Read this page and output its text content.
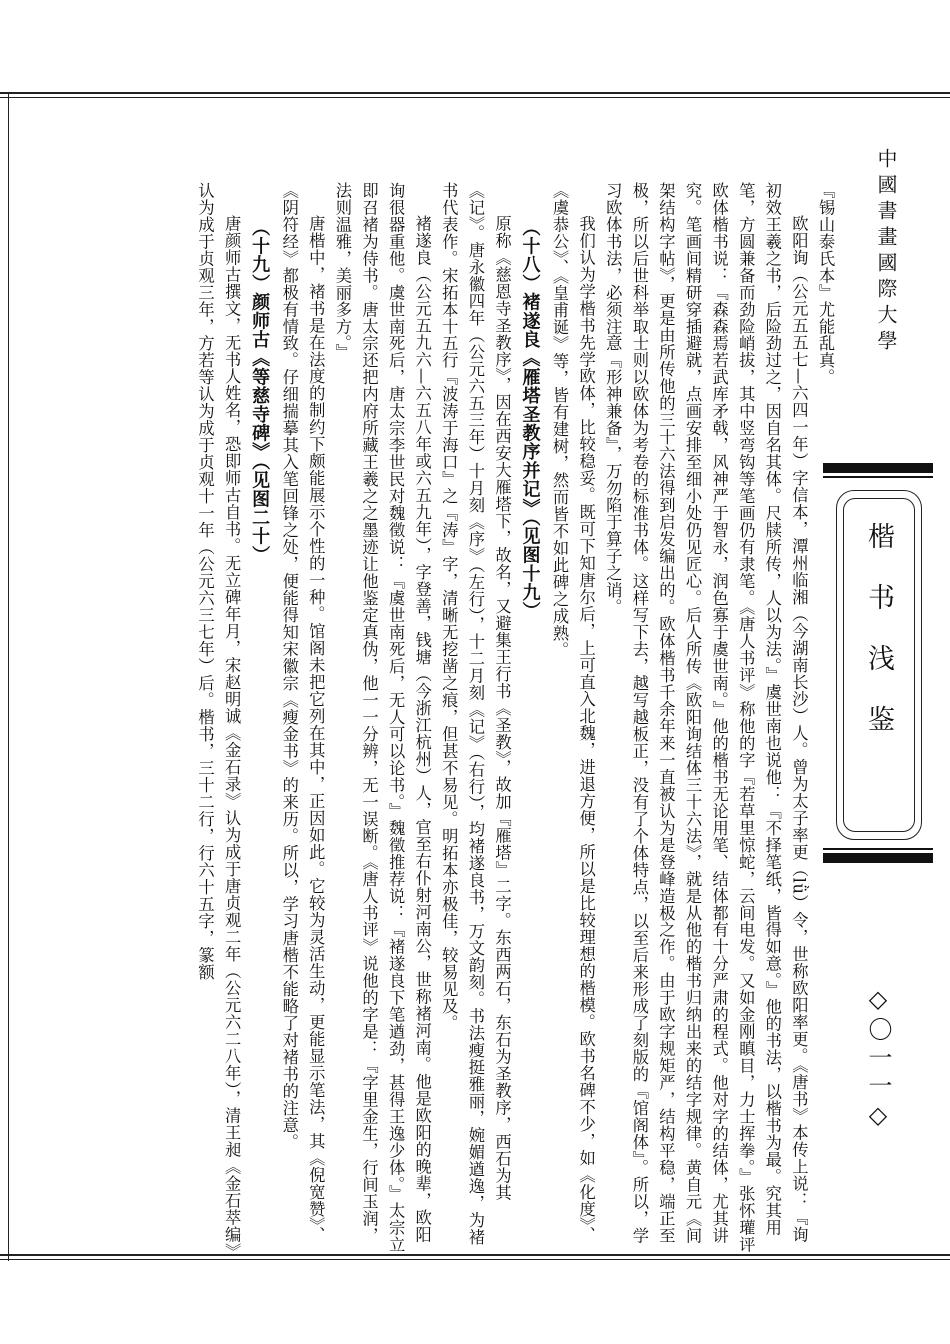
中國書畫國際大學
楷书浅鉴
◇〇一一◇

『锡山泰氏本』尤能乱真。

欧阳询（公元五五七—六四一年）字信本，潭州临湘（今湖南长沙）人。曾为太子率更（lǜ）令，世称欧阳率更。《唐书》本传上说：『询初效王羲之书，后险劲过之，因自名其体。尺牍所传，人以为法。』虞世南也说他：『不择笔纸，皆得如意。』他的书法，以楷书为最。究其用笔，方圆兼备而劲险峭拔，其中竖弯钩等笔画仍有隶笔。《唐人书评》称他的字『若草里惊蛇，云间电发。又如金刚瞋目，力士挥拳。』张怀瓘评欧体楷书说：『森森焉若武库矛戟，风神严于智永，润色寡于虞世南。』他的楷书无论用笔、结体都有十分严肃的程式。他对字的结体，尤其讲究。笔画间精研穿插避就，点画安排至细小处仍见匠心。后人所传《欧阳询结体三十六法》，就是从他的楷书归纳出来的结字规律。黄自元《间架结构字帖》，更是由所传他的三十六法得到启发编出的。欧体楷书千余年来一直被认为是登峰造极之作。由于欧字规矩严，结构平稳，端正至极，所以后世科举取士则以欧体为考卷的标准书体。这样写下去，越写越板正，没有了个体特点，以至后来形成了刻版的『馆阁体』。所以，学习欧体书法，必须注意『形神兼备』，万勿陷于算子之诮。

我们认为学楷书先学欧体，比较稳妥。既可下知唐尔后，上可直入北魏，进退方便，所以是比较理想的楷模。欧书名碑不少，如《化度》、《虞恭公》、《皇甫诞》等，皆有建树，然而皆不如此碑之成熟。

（十八）褚遂良《雁塔圣教序并记》（见图十九）

原称《慈恩寺圣教序》，因在西安大雁塔下，故名，又避集王行书《圣教》，故加『雁塔』二字。东西两石，东石为圣教序，西石为其《记》。唐永徽四年（公元六五三年）十月刻《序》（左行），十二月刻《记》（右行），均褚遂良书，万文韵刻。书法瘦挺雅丽，婉媚遒逸，为褚书代表作。宋拓本十五行『波涛于海口』之『涛』字，清晰无挖凿之痕，但甚不易见。明拓本亦极佳，较易见及。

褚遂良（公元五九六—六五八年或六五九年），字登善，钱塘（今浙江杭州）人，官至右仆射河南公，世称褚河南。他是欧阳的晚辈，欧阳询很器重他。虞世南死后，唐太宗李世民对魏徵说：『虞世南死后，无人可以论书。』魏徵推荐说：『褚遂良下笔遒劲，甚得王逸少体。』太宗立即召褚为侍书。唐太宗还把内府所藏王羲之之墨迹让他鉴定真伪，他一一分辨，无一误断。《唐人书评》说他的字是：『字里金生，行间玉润，法则温雅，美丽多方。』

唐楷中，褚书是在法度的制约下颇能展示个性的一种。馆阁未把它列在其中，正因如此。它较为灵活生动，更能显示笔法，其《倪宽赞》、《阴符经》都极有情致。仔细揣摹其入笔回锋之处，便能得知宋徽宗《瘦金书》的来历。所以，学习唐楷不能略了对褚书的注意。

（十九）颜师古《等慈寺碑》（见图二十）

唐颜师古撰文，无书人姓名，恐即师古自书。无立碑年月，宋赵明诚《金石录》认为成于唐贞观二年（公元六二八年），清王昶《金石萃编》认为成于贞观三年，方若等认为成于贞观十一年（公元六三七年）后。楷书，三十二行，行六十五字，篆额
